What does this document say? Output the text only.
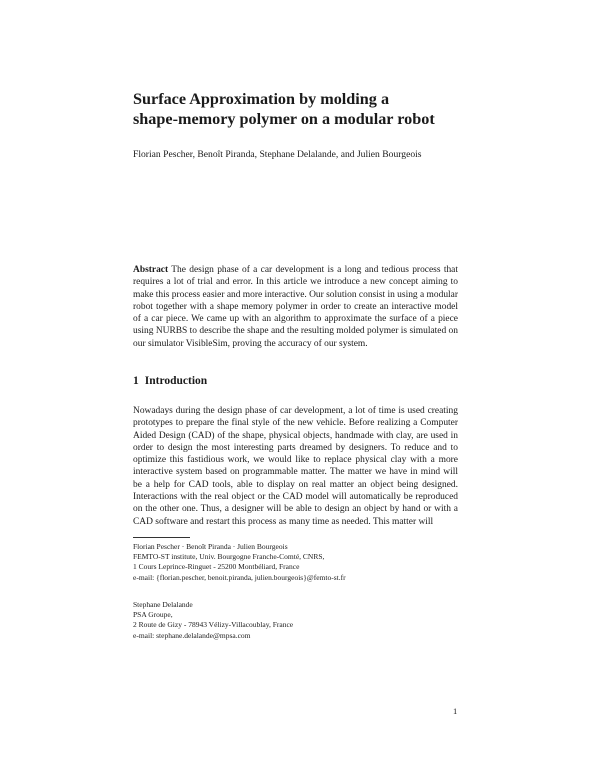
Surface Approximation by molding a
shape-memory polymer on a modular robot
Florian Pescher, Benoît Piranda, Stephane Delalande, and Julien Bourgeois

Abstract The design phase of a car development is a long and tedious process that requires a lot of trial and error. In this article we introduce a new concept aiming to make this process easier and more interactive. Our solution consist in using a modular robot together with a shape memory polymer in order to create an interactive model of a car piece. We came up with an algorithm to approximate the surface of a piece using NURBS to describe the shape and the resulting molded polymer is simulated on our simulator VisibleSim, proving the accuracy of our system.

1 Introduction

Nowadays during the design phase of car development, a lot of time is used creating prototypes to prepare the final style of the new vehicle. Before realizing a Computer Aided Design (CAD) of the shape, physical objects, handmade with clay, are used in order to design the most interesting parts dreamed by designers. To reduce and to optimize this fastidious work, we would like to replace physical clay with a more interactive system based on programmable matter. The matter we have in mind will be a help for CAD tools, able to display on real matter an object being designed. Interactions with the real object or the CAD model will automatically be reproduced on the other one. Thus, a designer will be able to design an object by hand or with a CAD software and restart this process as many time as needed. This matter will

Florian Pescher · Benoît Piranda · Julien Bourgeois
FEMTO-ST institute, Univ. Bourgogne Franche-Comté, CNRS,
1 Cours Leprince-Ringuet - 25200 Montbéliard, France
e-mail: {florian.pescher, benoit.piranda, julien.bourgeois}@femto-st.fr
Stephane Delalande
PSA Groupe,
2 Route de Gizy - 78943 Vélizy-Villacoublay, France
e-mail: stephane.delalande@mpsa.com
1
